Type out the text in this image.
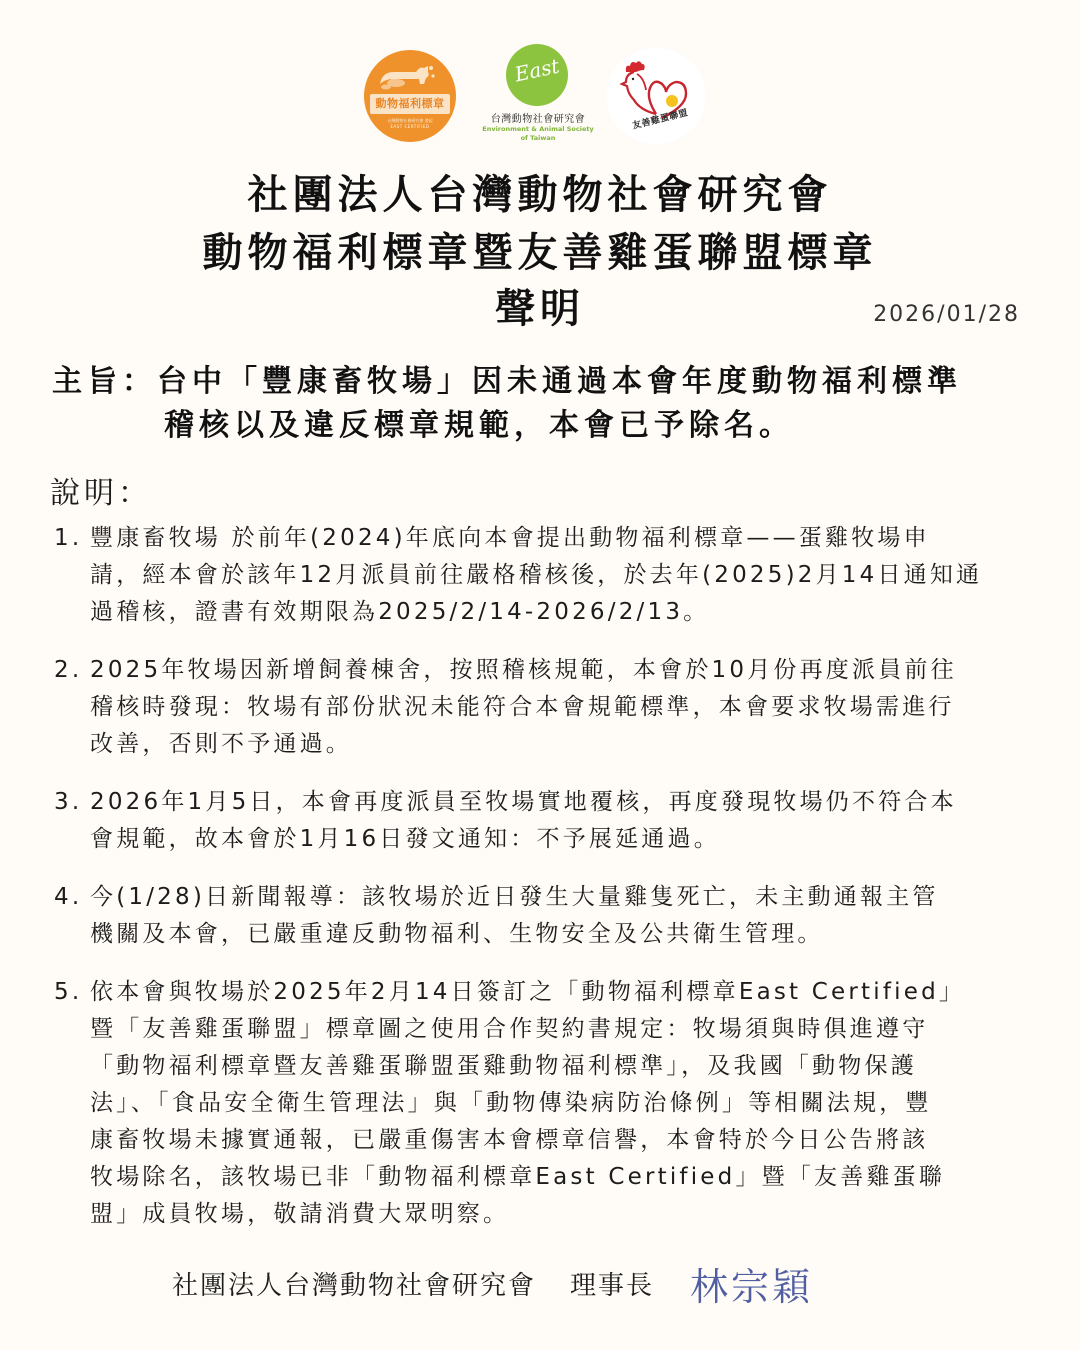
動物福利標章
台灣動物社會研究會 發起
EAST CERTIFIED
East
台灣動物社會研究會
Environment & Animal Society
of Taiwan
友善雞蛋聯盟
社團法人台灣動物社會研究會
動物福利標章暨友善雞蛋聯盟標章
聲明	2026/01/28
主旨：台中「豐康畜牧場」因未通過本會年度動物福利標準
稽核以及違反標章規範，本會已予除名。
說明：
1. 豐康畜牧場 於前年(2024)年底向本會提出動物福利標章——蛋雞牧場申
請，經本會於該年12月派員前往嚴格稽核後，於去年(2025)2月14日通知通
過稽核，證書有效期限為2025/2/14-2026/2/13。
2. 2025年牧場因新增飼養棟舍，按照稽核規範，本會於10月份再度派員前往
稽核時發現：牧場有部份狀況未能符合本會規範標準，本會要求牧場需進行
改善，否則不予通過。
3. 2026年1月5日，本會再度派員至牧場實地覆核，再度發現牧場仍不符合本
會規範，故本會於1月16日發文通知：不予展延通過。
4. 今(1/28)日新聞報導：該牧場於近日發生大量雞隻死亡，未主動通報主管
機關及本會，已嚴重違反動物福利、生物安全及公共衛生管理。
5. 依本會與牧場於2025年2月14日簽訂之「動物福利標章East Certified」
暨「友善雞蛋聯盟」標章圖之使用合作契約書規定：牧場須與時俱進遵守
「動物福利標章暨友善雞蛋聯盟蛋雞動物福利標準」，及我國「動物保護
法」、「食品安全衛生管理法」與「動物傳染病防治條例」等相關法規，豐
康畜牧場未據實通報，已嚴重傷害本會標章信譽，本會特於今日公告將該
牧場除名，該牧場已非「動物福利標章East Certified」暨「友善雞蛋聯
盟」成員牧場，敬請消費大眾明察。
社團法人台灣動物社會研究會 理事長 林宗穎
